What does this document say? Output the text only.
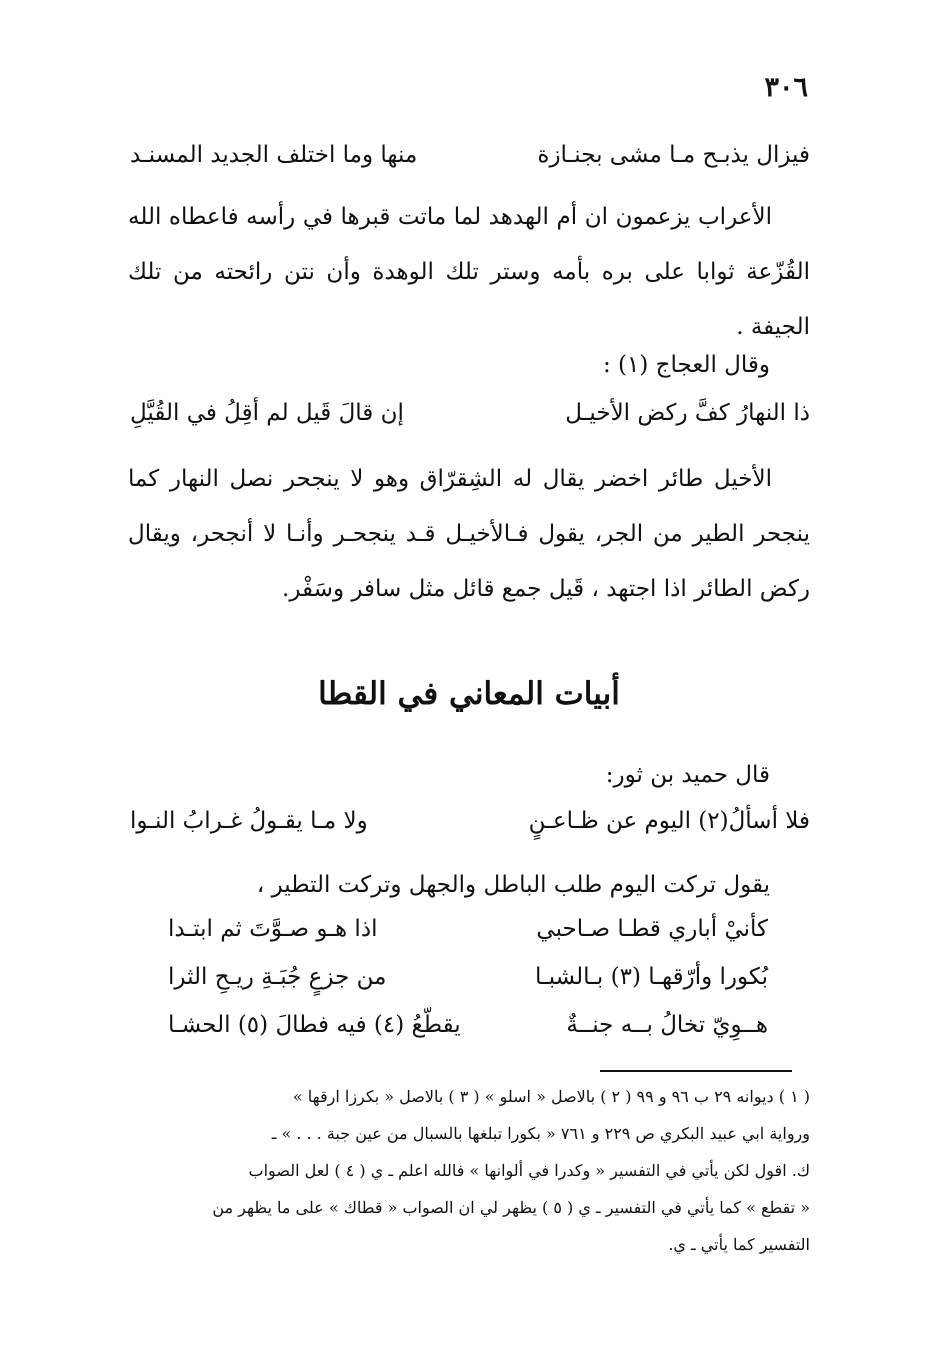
٣٠٦
فيزال يذبـح مـا مشى بجنـازة
منها وما اختلف الجديد المسنـد

الأعراب يزعمون ان أم الهدهد لما ماتت قبرها في رأسه فاعطاه الله القُزّعة ثوابا على بره بأمه وستر تلك الوهدة وأن نتن رائحته من تلك الجيفة .

وقال العجاج (١) :
ذا النهارُ كفَّ ركض الأخيـل
إن قالَ قَيل لم أقِلُ في القُيَّلِ

الأخيل طائر اخضر يقال له الشِقرّاق وهو لا ينجحر نصل النهار كما ينجحر الطير من الجر، يقول فـالأخيـل قـد ينجحـر وأنـا لا أنجحر، ويقال ركض الطائر اذا اجتهد ، قَيل جمع قائل مثل سافر وسَفْر.

أبيات المعاني في القطا
قال حميد بن ثور:
فلا أسألُ(٢) اليوم عن ظـاعـنٍ
ولا مـا يقـولُ غـرابُ النـوا
يقول تركت اليوم طلب الباطل والجهل وتركت التطير ،
كأنيْ أباري قطـا صـاحبي
اذا هـو صـوَّتَ ثم ابتـدا
بُكورا وأرّقهـا (٣) بـالشبـا
من جزعٍ جُبَـةِ ريـحِ الثرا
هــوِيّ تخالُ بــه جنــةٌ
يقطّعُ (٤) فيه فطالَ (٥) الحشـا

( ١ ) ديوانه ٢٩ ب ٩٦ و ٩٩ ( ٢ ) بالاصل « اسلو » ( ٣ ) بالاصل « بكرزا ارقها »

ورواية ابي عبيد البكري ص ٢٢٩ و ٧٦١ « بكورا تبلغها بالسبال من عين جبة . . . » ـ

ك. اقول لكن يأتي في التفسير « وكدرا في ألوانها » فالله اعلم ـ ي ( ٤ ) لعل الصواب

« تقطع » كما يأتي في التفسير ـ ي ( ٥ ) يظهر لي ان الصواب « قطاك » على ما يظهر من

التفسير كما يأتي ـ ي.
